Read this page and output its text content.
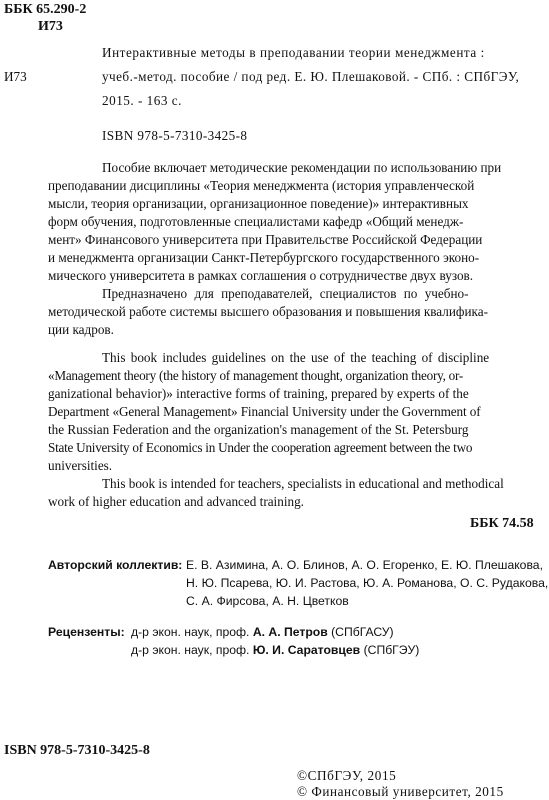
ББК 65.290-2
И73
И73
Интерактивные методы в преподавании теории менеджмента :
учеб.-метод. пособие / под ред. Е. Ю. Плешаковой. - СПб. : СПбГЭУ,
2015. - 163 с.
ISBN 978-5-7310-3425-8
Пособие включает методические рекомендации по использованию при
преподавании дисциплины «Теория менеджмента (история управленческой
мысли, теория организации, организационное поведение)» интерактивных
форм обучения, подготовленные специалистами кафедр «Общий менедж-
мент» Финансового университета при Правительстве Российской Федерации
и менеджмента организации Санкт-Петербургского государственного эконо-
мического университета в рамках соглашения о сотрудничестве двух вузов.
Предназначено для преподавателей, специалистов по учебно-
методической работе системы высшего образования и повышения квалифика-
ции кадров.
This book includes guidelines on the use of the teaching of discipline
«Management theory (the history of management thought, organization theory, or-
ganizational behavior)» interactive forms of training, prepared by experts of the
Department «General Management» Financial University under the Government of
the Russian Federation and the organization's management of the St. Petersburg
State University of Economics in Under the cooperation agreement between the two
universities.
This book is intended for teachers, specialists in educational and methodical
work of higher education and advanced training.
ББК 74.58
Авторский коллектив: Е. В. Азимина, А. О. Блинов, А. О. Егоренко, Е. Ю. Плешакова,
Н. Ю. Псарева, Ю. И. Растова, Ю. А. Романова, О. С. Рудакова,
С. А. Фирсова, А. Н. Цветков
Рецензенты: д-р экон. наук, проф. А. А. Петров (СПбГАСУ)
д-р экон. наук, проф. Ю. И. Саратовцев (СПбГЭУ)
ISBN 978-5-7310-3425-8
©СПбГЭУ, 2015
© Финансовый университет, 2015
